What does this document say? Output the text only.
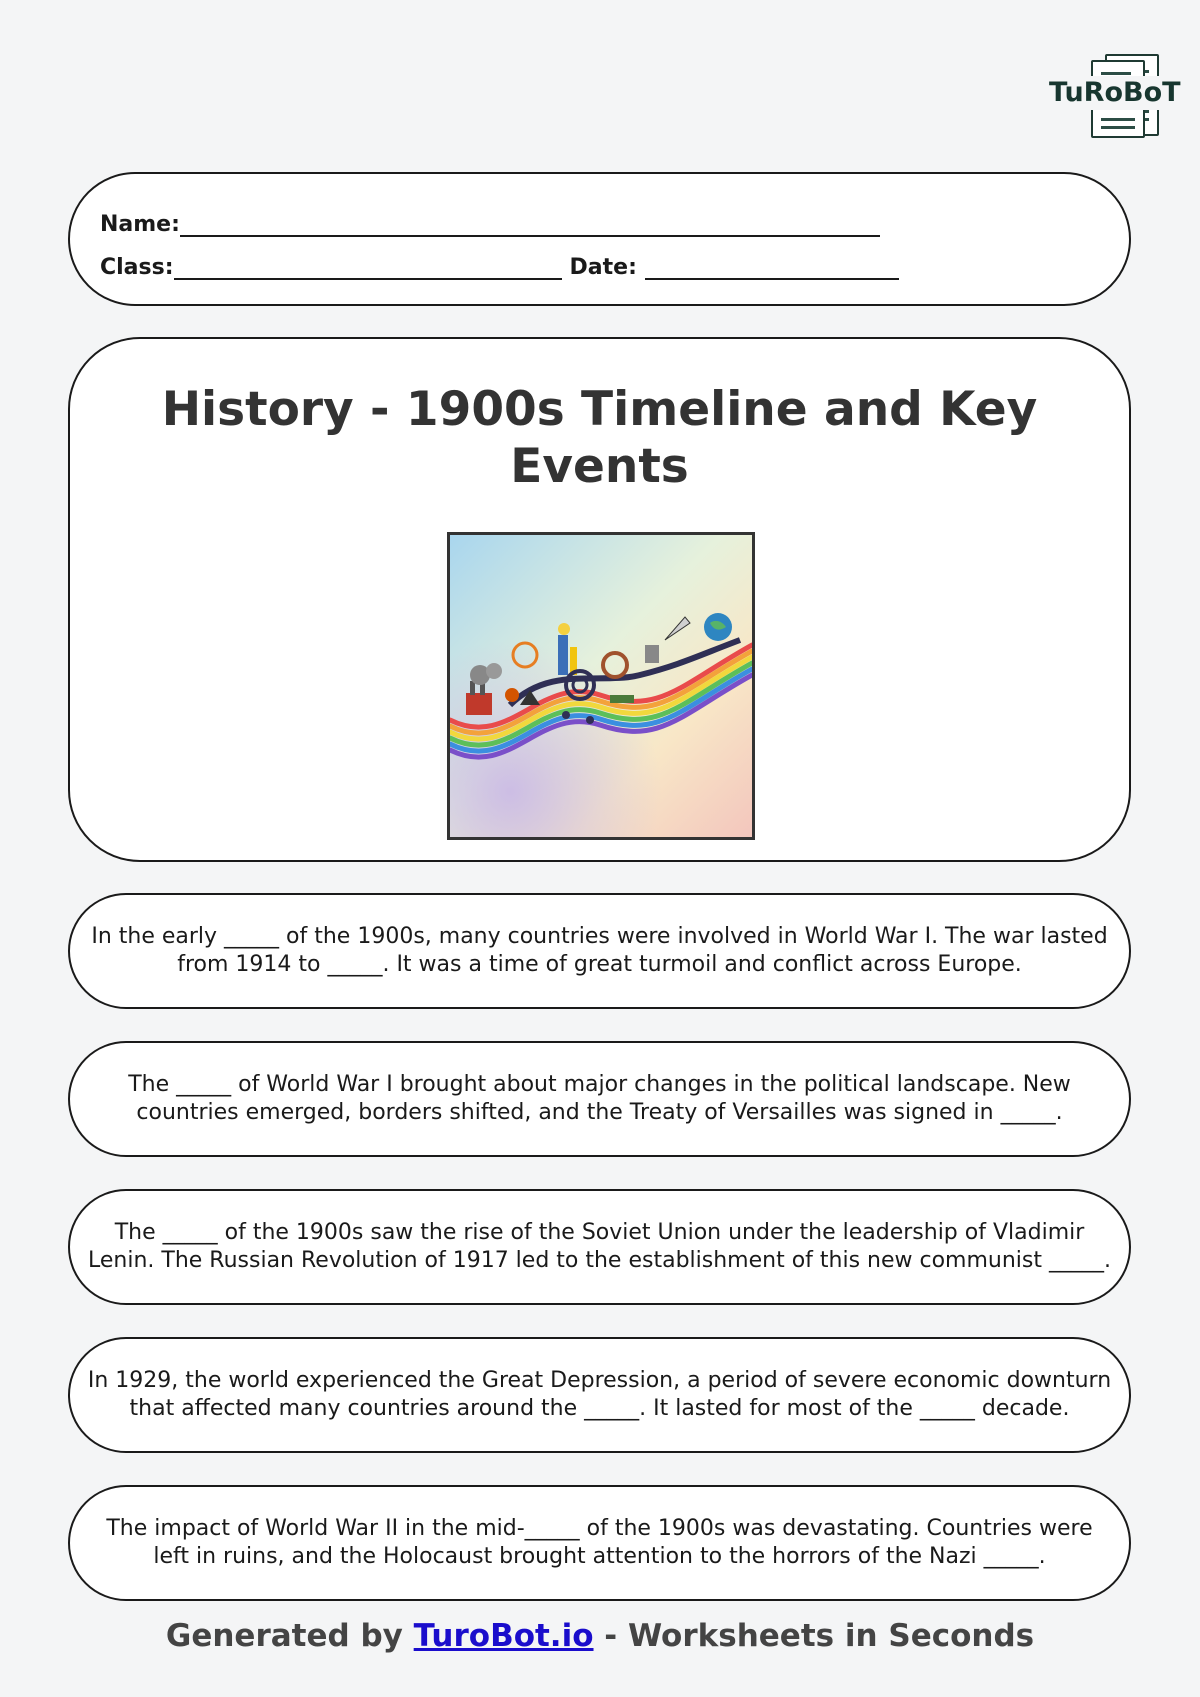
TuRoBoT
Name:
Class:	Date:
History - 1900s Timeline and Key Events
In the early _____ of the 1900s, many countries were involved in World War I. The war lasted from 1914 to _____. It was a time of great turmoil and conflict across Europe.
The _____ of World War I brought about major changes in the political landscape. New countries emerged, borders shifted, and the Treaty of Versailles was signed in _____.
The _____ of the 1900s saw the rise of the Soviet Union under the leadership of Vladimir Lenin. The Russian Revolution of 1917 led to the establishment of this new communist _____.
In 1929, the world experienced the Great Depression, a period of severe economic downturn that affected many countries around the _____. It lasted for most of the _____ decade.
The impact of World War II in the mid-_____ of the 1900s was devastating. Countries were left in ruins, and the Holocaust brought attention to the horrors of the Nazi _____.
Generated by TuroBot.io - Worksheets in Seconds
